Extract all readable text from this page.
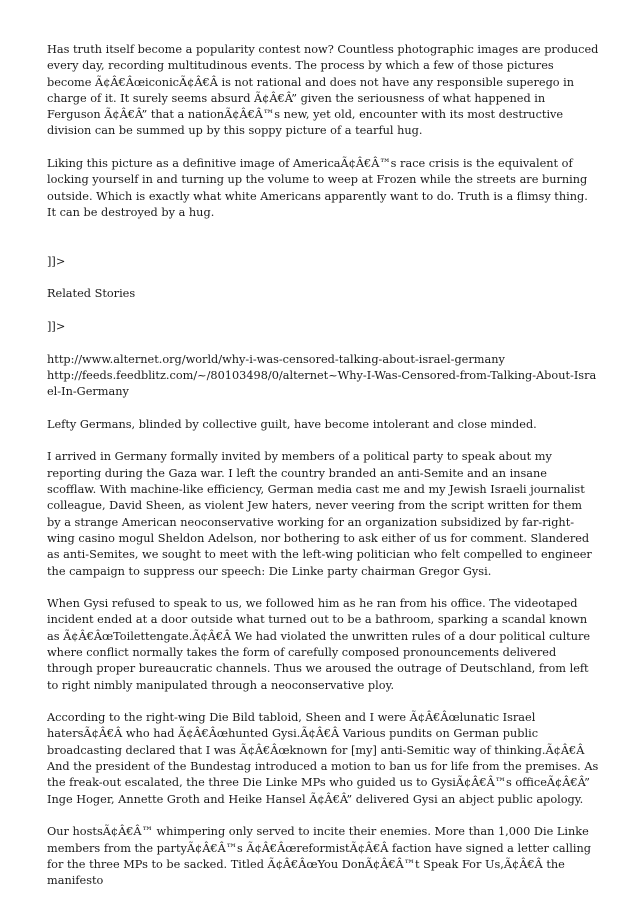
Has truth itself become a popularity contest now? Countless photographic images are produced every day, recording multitudinous events. The process by which a few of those pictures become Ã¢Â€ÂœiconicÃ¢Â€Â is not rational and does not have any responsible superego in charge of it. It surely seems absurd Ã¢Â€Â” given the seriousness of what happened in Ferguson Ã¢Â€Â” that a nationÃ¢Â€Â™s new, yet old, encounter with its most destructive division can be summed up by this soppy picture of a tearful hug.

Liking this picture as a definitive image of AmericaÃ¢Â€Â™s race crisis is the equivalent of locking yourself in and turning up the volume to weep at Frozen while the streets are burning outside. Which is exactly what white Americans apparently want to do. Truth is a flimsy thing. It can be destroyed by a hug.

]]>

Related Stories

]]>

http://www.alternet.org/world/why-i-was-censored-talking-about-israel-germany

http://feeds.feedblitz.com/~/80103498/0/alternet~Why-I-Was-Censored-from-Talking-About-Israel-In-Germany

Lefty Germans, blinded by collective guilt, have become intolerant and close minded.

I arrived in Germany formally invited by members of a political party to speak about my reporting during the Gaza war. I left the country branded an anti-Semite and an insane scofflaw. With machine-like efficiency, German media cast me and my Jewish Israeli journalist colleague, David Sheen, as violent Jew haters, never veering from the script written for them by a strange American neoconservative working for an organization subsidized by far-right-wing casino mogul Sheldon Adelson, nor bothering to ask either of us for comment. Slandered as anti-Semites, we sought to meet with the left-wing politician who felt compelled to engineer the campaign to suppress our speech: Die Linke party chairman Gregor Gysi.

When Gysi refused to speak to us, we followed him as he ran from his office. The videotaped incident ended at a door outside what turned out to be a bathroom, sparking a scandal known as Ã¢Â€ÂœToilettengate.Ã¢Â€Â We had violated the unwritten rules of a dour political culture where conflict normally takes the form of carefully composed pronouncements delivered through proper bureaucratic channels. Thus we aroused the outrage of Deutschland, from left to right nimbly manipulated through a neoconservative ploy.

According to the right-wing Die Bild tabloid, Sheen and I were Ã¢Â€Âœlunatic Israel hatersÃ¢Â€Â who had Ã¢Â€Âœhunted Gysi.Ã¢Â€Â Various pundits on German public broadcasting declared that I was Ã¢Â€Âœknown for [my] anti-Semitic way of thinking.Ã¢Â€Â And the president of the Bundestag introduced a motion to ban us for life from the premises. As the freak-out escalated, the three Die Linke MPs who guided us to GysiÃ¢Â€Â™s officeÃ¢Â€Â” Inge Hoger, Annette Groth and Heike Hansel Ã¢Â€Â” delivered Gysi an abject public apology.

Our hostsÃ¢Â€Â™ whimpering only served to incite their enemies. More than 1,000 Die Linke members from the partyÃ¢Â€Â™s Ã¢Â€ÂœreformistÃ¢Â€Â faction have signed a letter calling for the three MPs to be sacked. Titled Ã¢Â€ÂœYou DonÃ¢Â€Â™t Speak For Us,Ã¢Â€Â the manifesto
